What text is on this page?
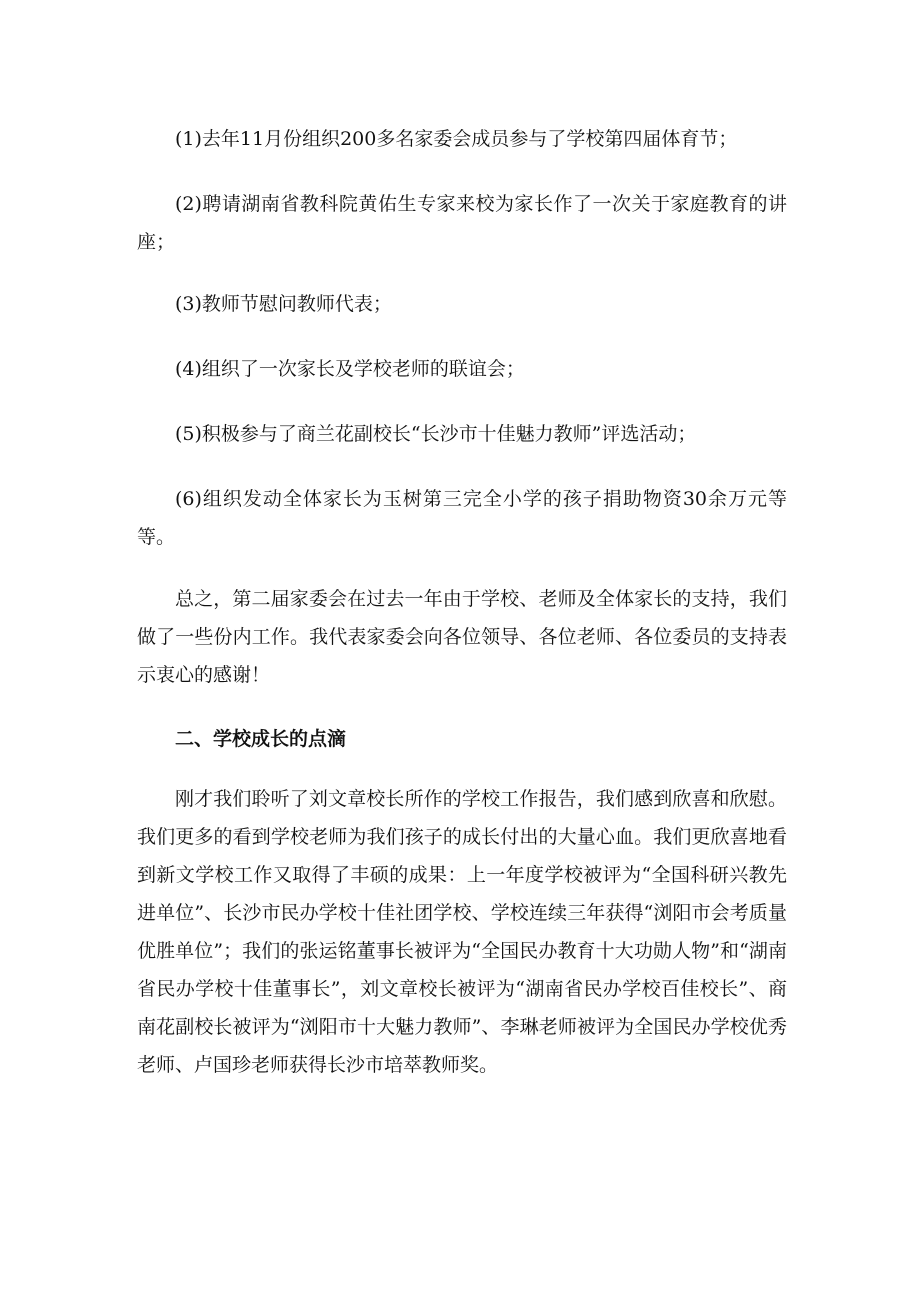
(1)去年11月份组织200多名家委会成员参与了学校第四届体育节；

(2)聘请湖南省教科院黄佑生专家来校为家长作了一次关于家庭教育的讲座；

(3)教师节慰问教师代表；

(4)组织了一次家长及学校老师的联谊会；

(5)积极参与了商兰花副校长“长沙市十佳魅力教师”评选活动；

(6)组织发动全体家长为玉树第三完全小学的孩子捐助物资30余万元等等。

总之，第二届家委会在过去一年由于学校、老师及全体家长的支持，我们做了一些份内工作。我代表家委会向各位领导、各位老师、各位委员的支持表示衷心的感谢！

二、学校成长的点滴

刚才我们聆听了刘文章校长所作的学校工作报告，我们感到欣喜和欣慰。我们更多的看到学校老师为我们孩子的成长付出的大量心血。我们更欣喜地看到新文学校工作又取得了丰硕的成果：上一年度学校被评为“全国科研兴教先进单位”、长沙市民办学校十佳社团学校、学校连续三年获得“浏阳市会考质量优胜单位”；我们的张运铭董事长被评为“全国民办教育十大功勋人物”和“湖南省民办学校十佳董事长”，刘文章校长被评为“湖南省民办学校百佳校长”、商南花副校长被评为“浏阳市十大魅力教师”、李琳老师被评为全国民办学校优秀老师、卢国珍老师获得长沙市培萃教师奖。
